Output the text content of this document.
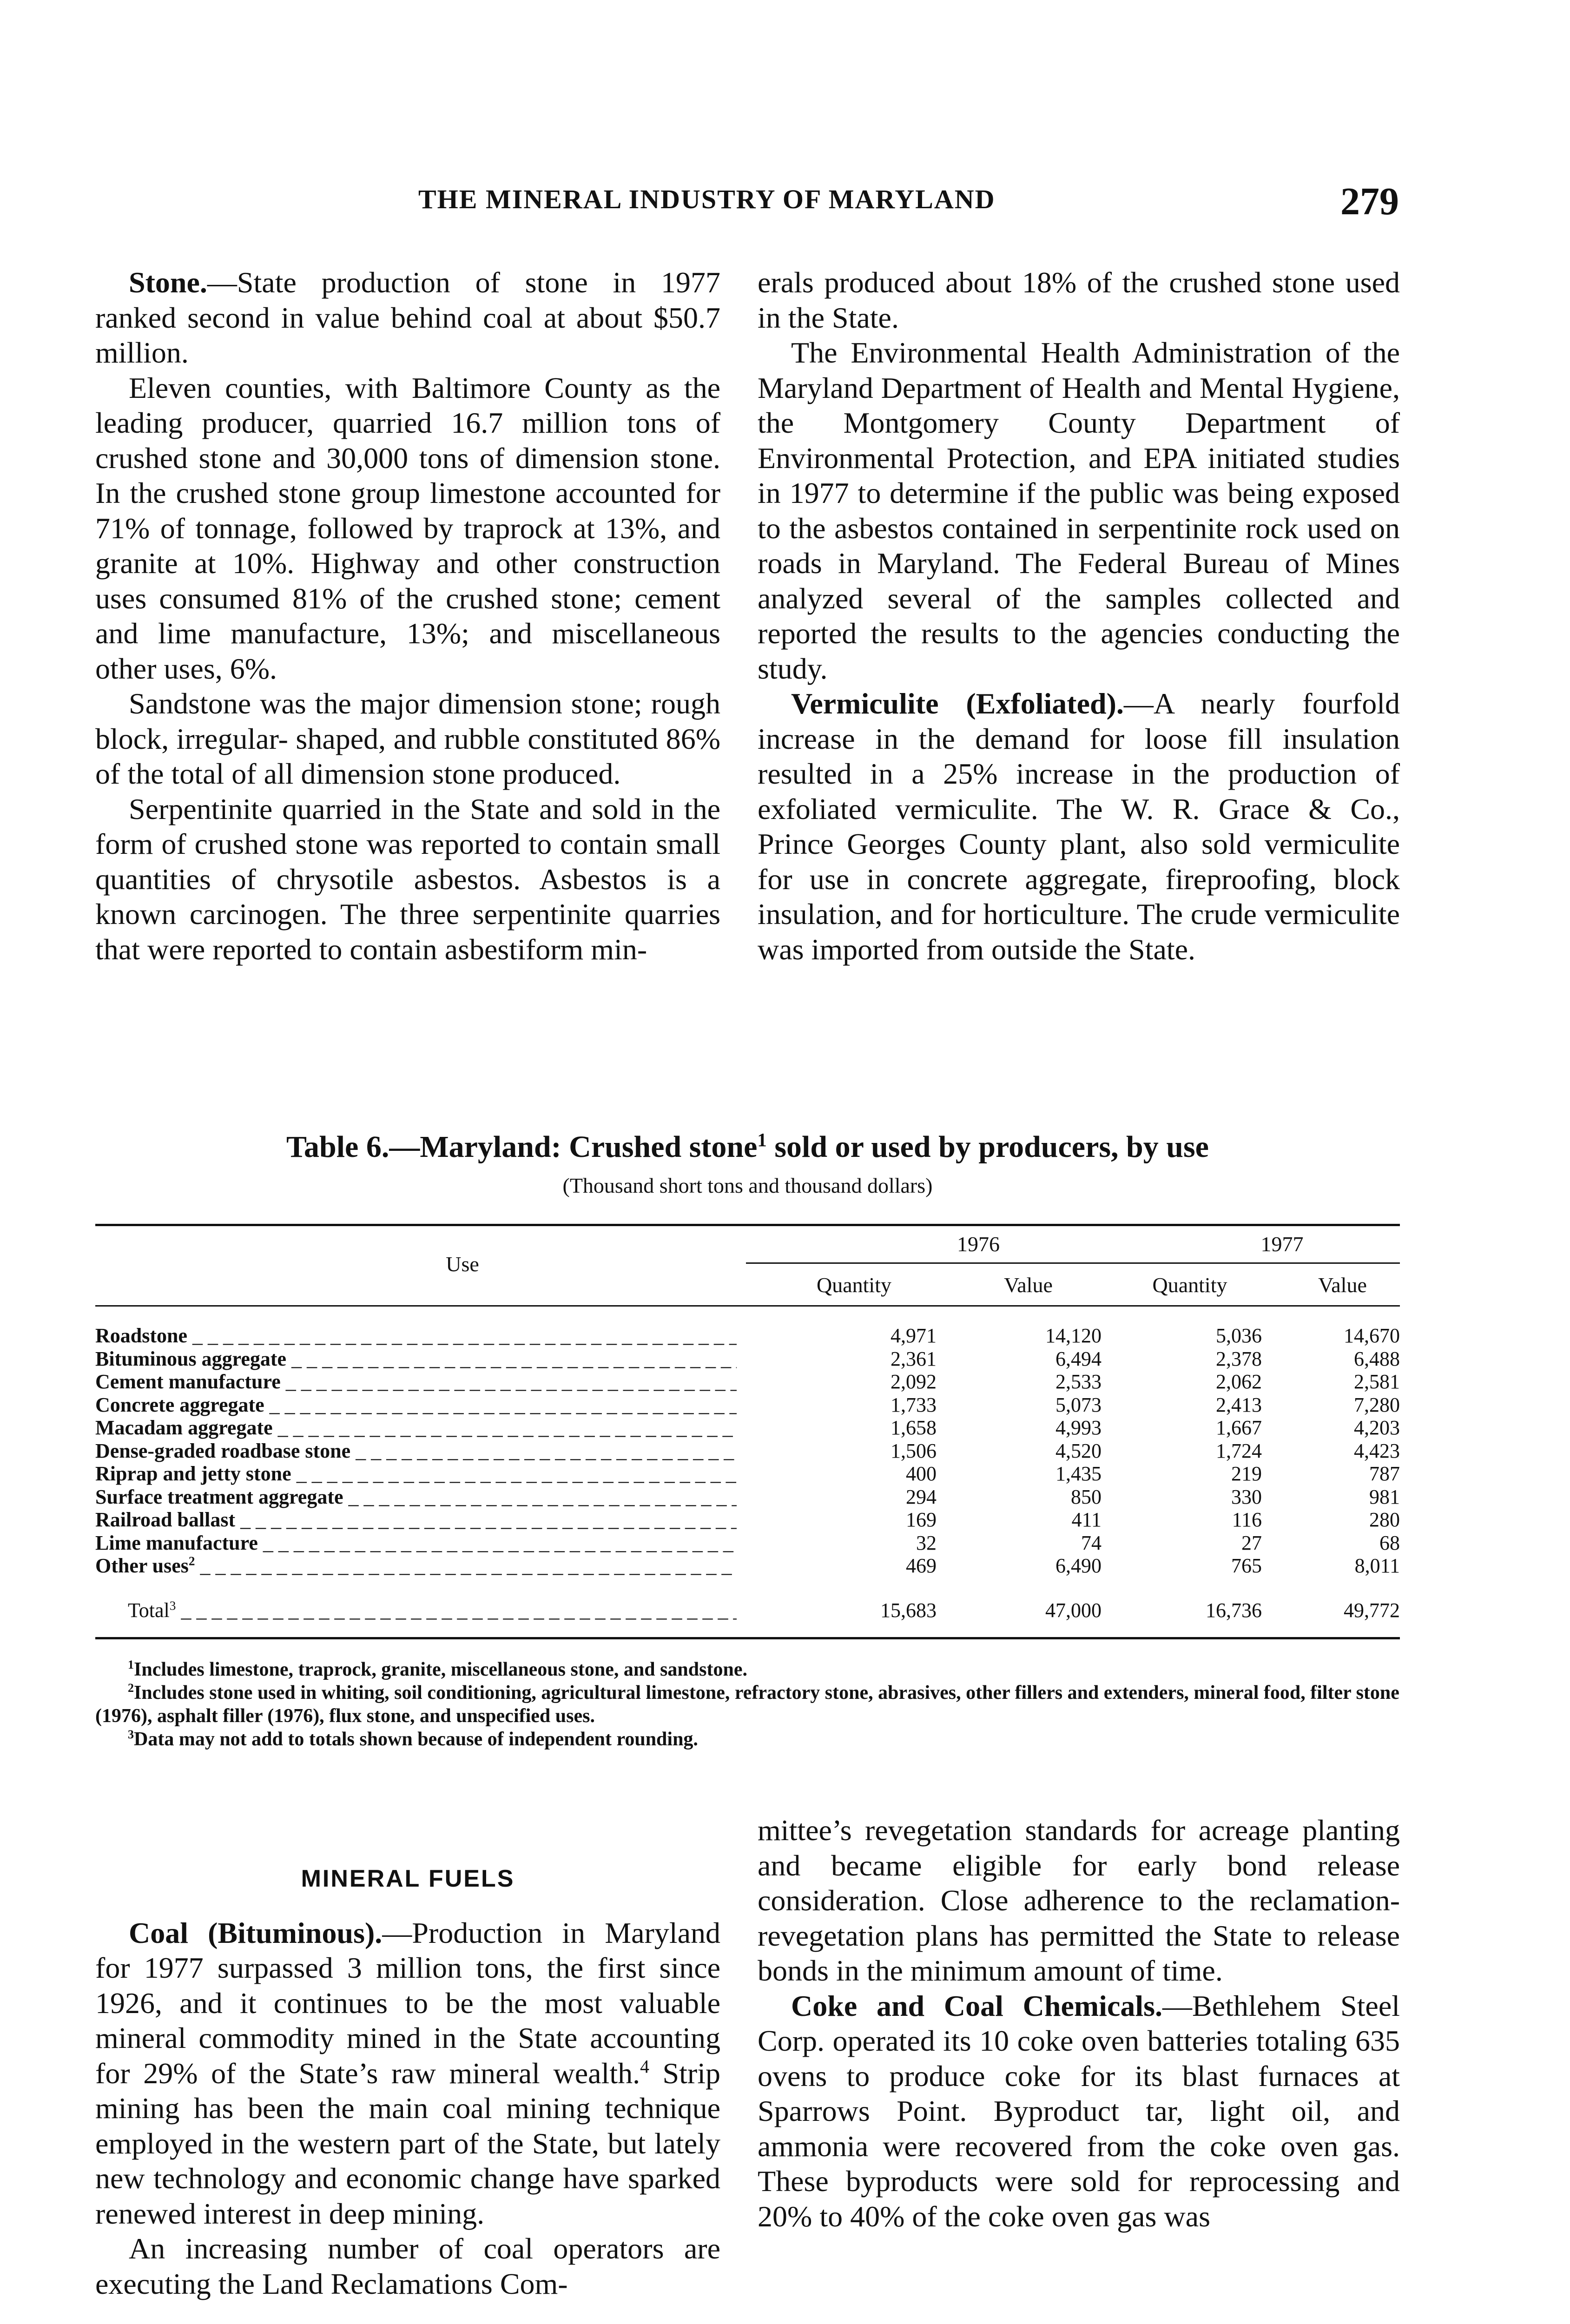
THE MINERAL INDUSTRY OF MARYLAND	279

Stone.—State production of stone in 1977 ranked second in value behind coal at about $50.7 million.

Eleven counties, with Baltimore County as the leading producer, quarried 16.7 million tons of crushed stone and 30,000 tons of dimension stone. In the crushed stone group limestone accounted for 71% of tonnage, followed by traprock at 13%, and granite at 10%. Highway and other construction uses consumed 81% of the crushed stone; cement and lime manufacture, 13%; and miscellaneous other uses, 6%.

Sandstone was the major dimension stone; rough block, irregular- shaped, and rubble constituted 86% of the total of all dimension stone produced.

Serpentinite quarried in the State and sold in the form of crushed stone was reported to contain small quantities of chrysotile asbestos. Asbestos is a known carcinogen. The three serpentinite quarries that were reported to contain asbestiform min-

erals produced about 18% of the crushed stone used in the State.

The Environmental Health Administration of the Maryland Department of Health and Mental Hygiene, the Montgomery County Department of Environmental Protection, and EPA initiated studies in 1977 to determine if the public was being exposed to the asbestos contained in serpentinite rock used on roads in Maryland. The Federal Bureau of Mines analyzed several of the samples collected and reported the results to the agencies conducting the study.

Vermiculite (Exfoliated).—A nearly fourfold increase in the demand for loose fill insulation resulted in a 25% increase in the production of exfoliated vermiculite. The W. R. Grace & Co., Prince Georges County plant, also sold vermiculite for use in concrete aggregate, fireproofing, block insulation, and for horticulture. The crude vermiculite was imported from outside the State.

Table 6.—Maryland: Crushed stone$^1$ sold or used by producers, by use
(Thousand short tons and thousand dollars)
Use
1976	1977
Quantity	Value	Quantity	Value
Roadstone _ _ _	4,971	14,120	5,036	14,670
Bituminous aggregate _ _ _	2,361	6,494	2,378	6,488
Cement manufacture _ _ _	2,092	2,533	2,062	2,581
Concrete aggregate _ _ _	1,733	5,073	2,413	7,280
Macadam aggregate _ _ _	1,658	4,993	1,667	4,203
Dense-graded roadbase stone _ _ _	1,506	4,520	1,724	4,423
Riprap and jetty stone _ _ _	400	1,435	219	787
Surface treatment aggregate _ _ _	294	850	330	981
Railroad ballast _ _ _	169	411	116	280
Lime manufacture _ _ _	32	74	27	68
Other uses$^2$ _ _ _	469	6,490	765	8,011
Total$^3$ _ _ _	15,683	47,000	16,736	49,772

$^1$Includes limestone, traprock, granite, miscellaneous stone, and sandstone.

$^2$Includes stone used in whiting, soil conditioning, agricultural limestone, refractory stone, abrasives, other fillers and extenders, mineral food, filter stone (1976), asphalt filler (1976), flux stone, and unspecified uses.

$^3$Data may not add to totals shown because of independent rounding.

MINERAL FUELS

Coal (Bituminous).—Production in Maryland for 1977 surpassed 3 million tons, the first since 1926, and it continues to be the most valuable mineral commodity mined in the State accounting for 29% of the State’s raw mineral wealth.$^4$ Strip mining has been the main coal mining technique employed in the western part of the State, but lately new technology and economic change have sparked renewed interest in deep mining.

An increasing number of coal operators are executing the Land Reclamations Com-

mittee’s revegetation standards for acreage planting and became eligible for early bond release consideration. Close adherence to the reclamation-revegetation plans has permitted the State to release bonds in the minimum amount of time.

Coke and Coal Chemicals.—Bethlehem Steel Corp. operated its 10 coke oven batteries totaling 635 ovens to produce coke for its blast furnaces at Sparrows Point. Byproduct tar, light oil, and ammonia were recovered from the coke oven gas. These byproducts were sold for reprocessing and 20% to 40% of the coke oven gas was
